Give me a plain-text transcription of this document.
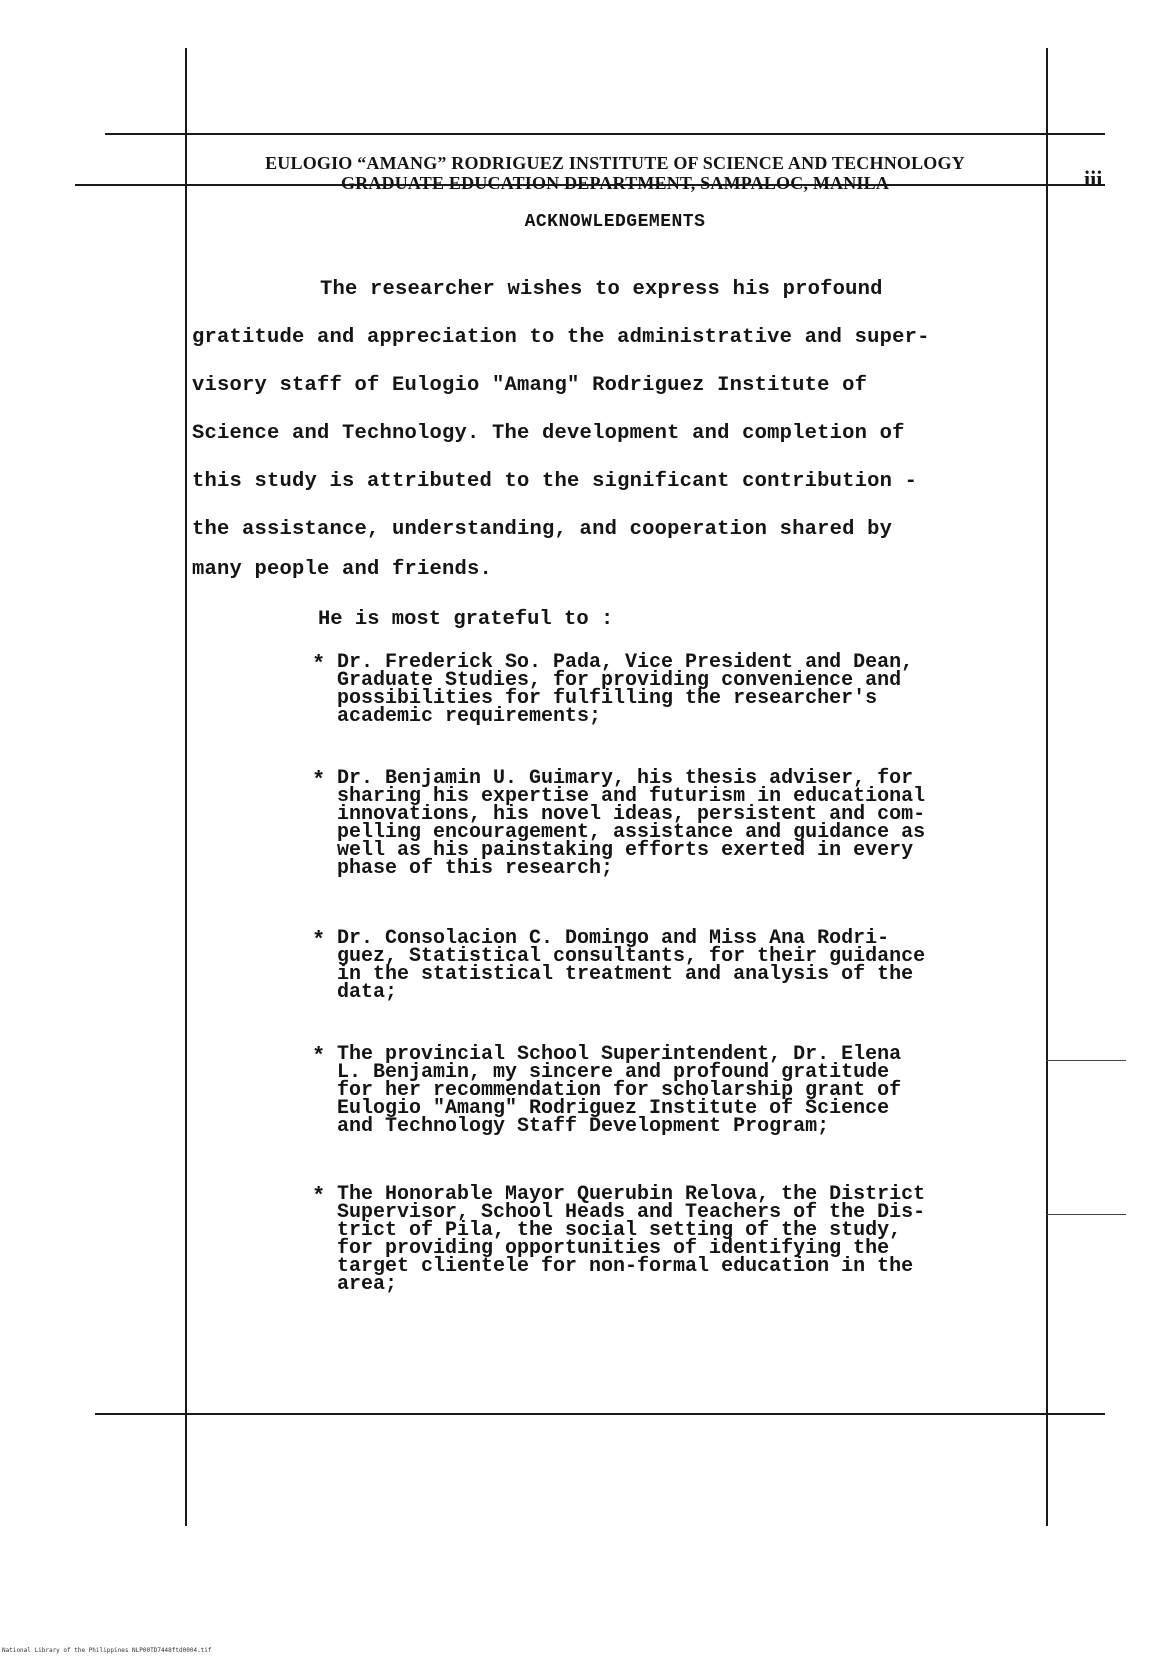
EULOGIO “AMANG” RODRIGUEZ INSTITUTE OF SCIENCE AND TECHNOLOGY
GRADUATE EDUCATION DEPARTMENT, SAMPALOC, MANILA	iii
ACKNOWLEDGEMENTS
The researcher wishes to express his profound
gratitude and appreciation to the administrative and super-
visory staff of Eulogio "Amang" Rodriguez Institute of
Science and Technology. The development and completion of
this study is attributed to the significant contribution -
the assistance, understanding, and cooperation shared by
many people and friends.
He is most grateful to :
* Dr. Frederick So. Pada, Vice President and Dean,
Graduate Studies, for providing convenience and
possibilities for fulfilling the researcher's
academic requirements;
* Dr. Benjamin U. Guimary, his thesis adviser, for
sharing his expertise and futurism in educational
innovations, his novel ideas, persistent and com-
pelling encouragement, assistance and guidance as
well as his painstaking efforts exerted in every
phase of this research;
* Dr. Consolacion C. Domingo and Miss Ana Rodri-
guez, Statistical consultants, for their guidance
in the statistical treatment and analysis of the
data;
* The provincial School Superintendent, Dr. Elena
L. Benjamin, my sincere and profound gratitude
for her recommendation for scholarship grant of
Eulogio "Amang" Rodriguez Institute of Science
and Technology Staff Development Program;
* The Honorable Mayor Querubin Relova, the District
Supervisor, School Heads and Teachers of the Dis-
trict of Pila, the social setting of the study,
for providing opportunities of identifying the
target clientele for non-formal education in the
area;
National Library of the Philippines NLP00TD7448ftd0004.tif
